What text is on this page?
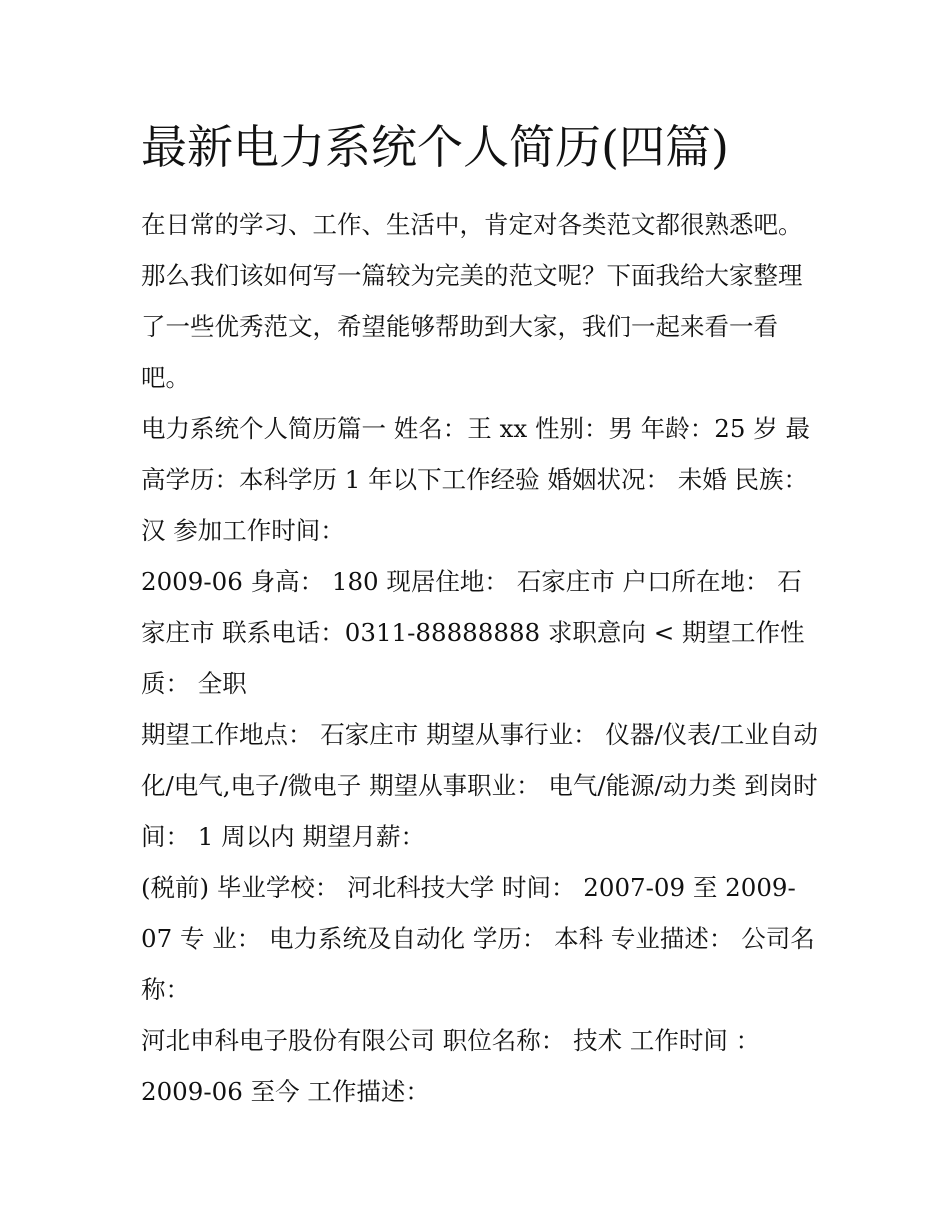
最新电力系统个人简历(四篇)

在日常的学习、工作、生活中，肯定对各类范文都很熟悉吧。那么我们该如何写一篇较为完美的范文呢？下面我给大家整理了一些优秀范文，希望能够帮助到大家，我们一起来看一看吧。

电力系统个人简历篇一 姓名：王 xx 性别：男 年龄：25 岁 最高学历：本科学历 1 年以下工作经验 婚姻状况： 未婚 民族：汉 参加工作时间：

2009-06 身高： 180 现居住地： 石家庄市 户口所在地： 石家庄市 联系电话：0311-88888888 求职意向 < 期望工作性质： 全职

期望工作地点： 石家庄市 期望从事行业： 仪器/仪表/工业自动化/电气,电子/微电子 期望从事职业： 电气/能源/动力类 到岗时间： 1 周以内 期望月薪：

(税前) 毕业学校： 河北科技大学 时间： 2007-09 至 2009-07 专 业： 电力系统及自动化 学历： 本科 专业描述： 公司名称：

河北申科电子股份有限公司 职位名称： 技术 工作时间 ：

2009-06 至今 工作描述：
